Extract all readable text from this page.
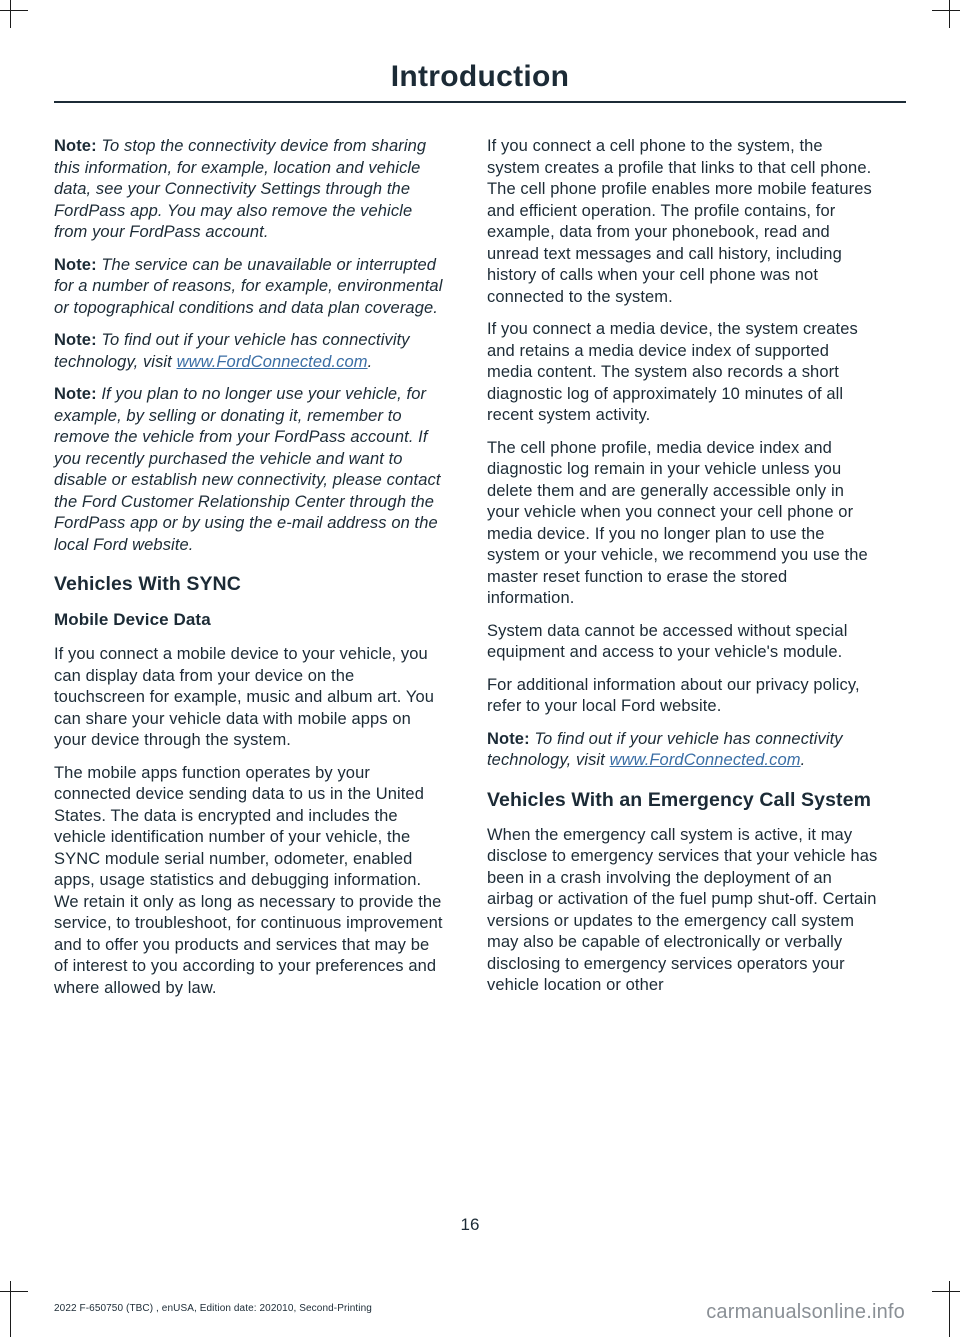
Introduction

Note: To stop the connectivity device from sharing this information, for example, location and vehicle data, see your Connectivity Settings through the FordPass app. You may also remove the vehicle from your FordPass account.

Note: The service can be unavailable or interrupted for a number of reasons, for example, environmental or topographical conditions and data plan coverage.

Note: To find out if your vehicle has connectivity technology, visit www.FordConnected.com.

Note: If you plan to no longer use your vehicle, for example, by selling or donating it, remember to remove the vehicle from your FordPass account. If you recently purchased the vehicle and want to disable or establish new connectivity, please contact the Ford Customer Relationship Center through the FordPass app or by using the e-mail address on the local Ford website.

Vehicles With SYNC

Mobile Device Data

If you connect a mobile device to your vehicle, you can display data from your device on the touchscreen for example, music and album art. You can share your vehicle data with mobile apps on your device through the system.

The mobile apps function operates by your connected device sending data to us in the United States. The data is encrypted and includes the vehicle identification number of your vehicle, the SYNC module serial number, odometer, enabled apps, usage statistics and debugging information. We retain it only as long as necessary to provide the service, to troubleshoot, for continuous improvement and to offer you products and services that may be of interest to you according to your preferences and where allowed by law.

If you connect a cell phone to the system, the system creates a profile that links to that cell phone. The cell phone profile enables more mobile features and efficient operation. The profile contains, for example, data from your phonebook, read and unread text messages and call history, including history of calls when your cell phone was not connected to the system.

If you connect a media device, the system creates and retains a media device index of supported media content. The system also records a short diagnostic log of approximately 10 minutes of all recent system activity.

The cell phone profile, media device index and diagnostic log remain in your vehicle unless you delete them and are generally accessible only in your vehicle when you connect your cell phone or media device. If you no longer plan to use the system or your vehicle, we recommend you use the master reset function to erase the stored information.

System data cannot be accessed without special equipment and access to your vehicle's module.

For additional information about our privacy policy, refer to your local Ford website.

Note: To find out if your vehicle has connectivity technology, visit www.FordConnected.com.

Vehicles With an Emergency Call System

When the emergency call system is active, it may disclose to emergency services that your vehicle has been in a crash involving the deployment of an airbag or activation of the fuel pump shut-off. Certain versions or updates to the emergency call system may also be capable of electronically or verbally disclosing to emergency services operators your vehicle location or other

16
2022 F-650750 (TBC) , enUSA, Edition date: 202010, Second-Printing	carmanualsonline.info
